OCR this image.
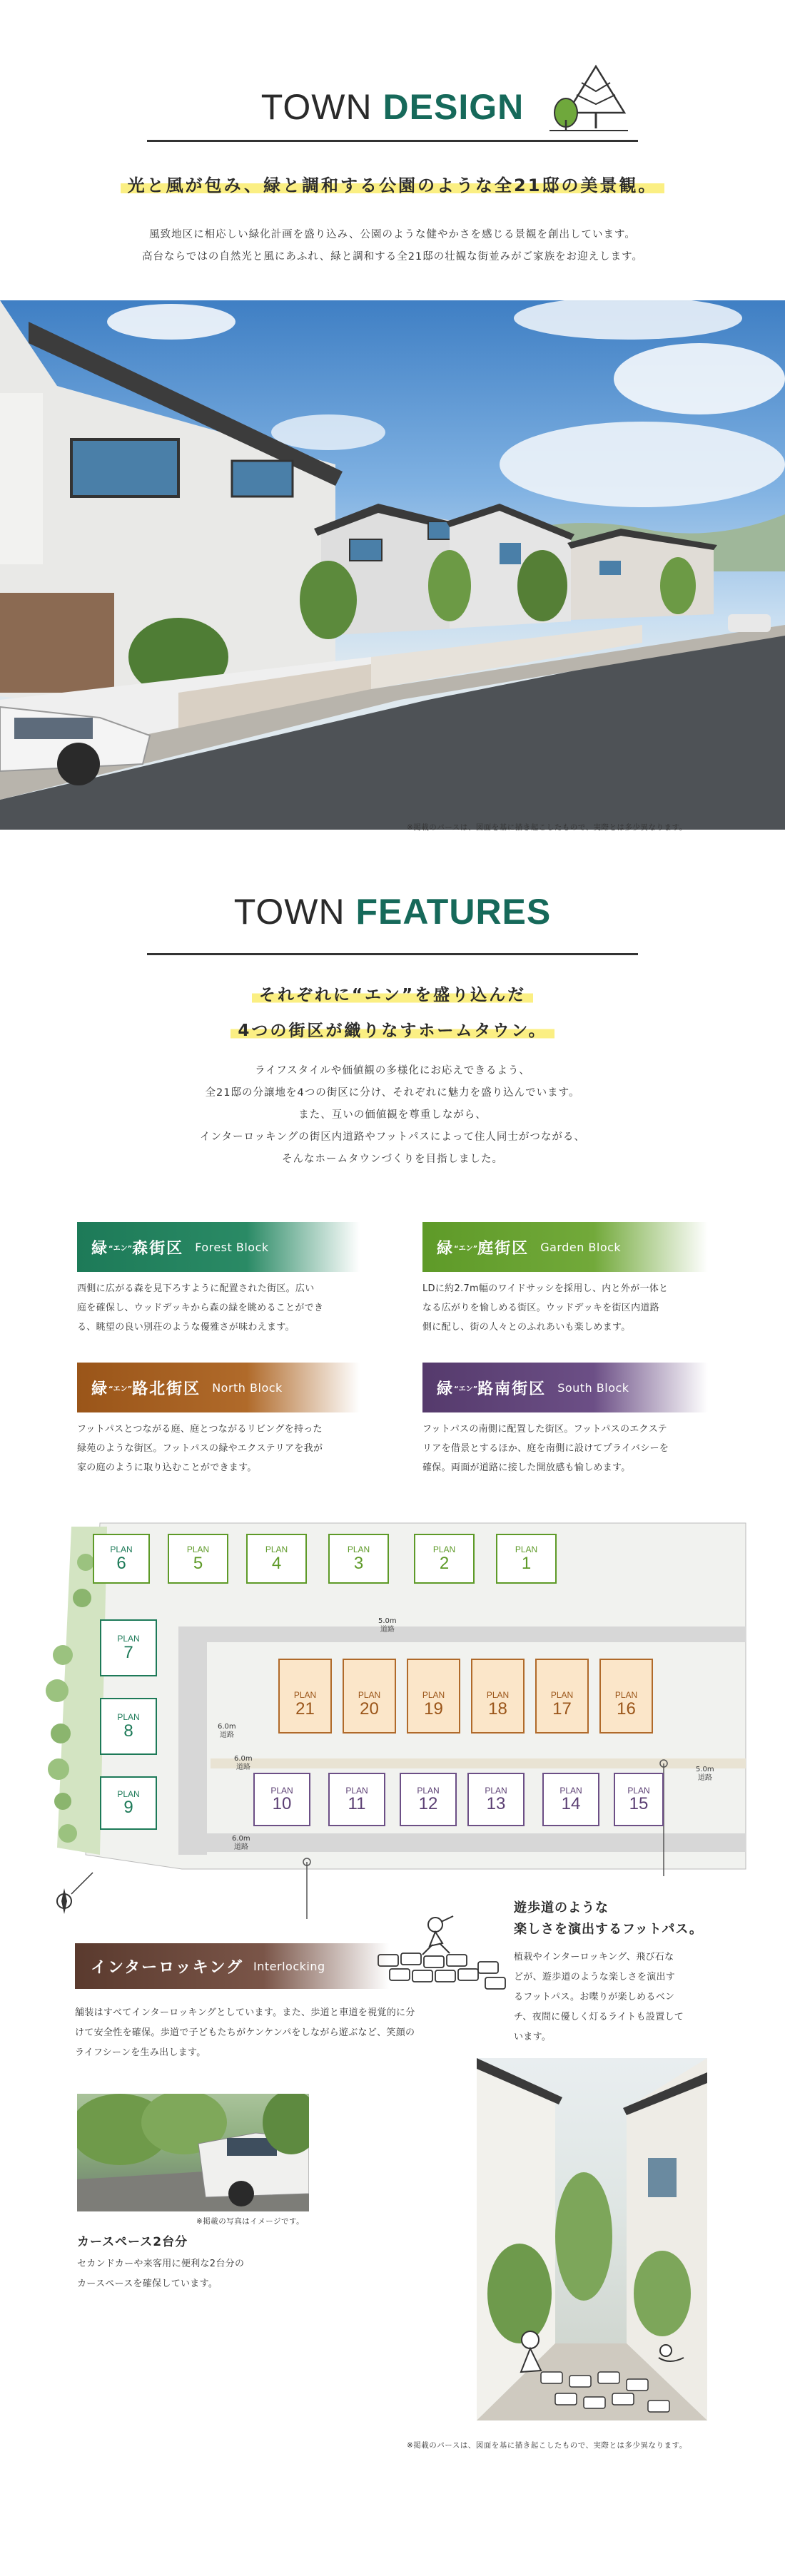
TOWN DESIGN
光と風が包み、緑と調和する公園のような全21邸の美景観。
風致地区に相応しい緑化計画を盛り込み、公園のような健やかさを感じる景観を創出しています。
高台ならではの自然光と風にあふれ、緑と調和する全21邸の壮観な街並みがご家族をお迎えします。
※掲載のパースは、図面を基に描き起こしたもので、実際とは多少異なります。
TOWN FEATURES
それぞれに“エン”を盛り込んだ
4つの街区が織りなすホームタウン。
ライフスタイルや価値観の多様化にお応えできるよう、
全21邸の分譲地を4つの街区に分け、それぞれに魅力を盛り込んでいます。
また、互いの価値観を尊重しながら、
インターロッキングの街区内道路やフットパスによって住人同士がつながる、
そんなホームタウンづくりを目指しました。
緑 “エン” 森街区 Forest Block
西側に広がる森を見下ろすように配置された街区。広い
庭を確保し、ウッドデッキから森の緑を眺めることができ
る、眺望の良い別荘のような優雅さが味わえます。
緑 “エン” 庭街区 Garden Block
LDに約2.7m幅のワイドサッシを採用し、内と外が一体と
なる広がりを愉しめる街区。ウッドデッキを街区内道路
側に配し、街の人々とのふれあいも楽しめます。
緑 “エン” 路北街区 North Block
フットパスとつながる庭、庭とつながるリビングを持った
緑苑のような街区。フットパスの緑やエクステリアを我が
家の庭のように取り込むことができます。
緑 “エン” 路南街区 South Block
フットパスの南側に配置した街区。フットパスのエクステ
リアを借景とするほか、庭を南側に設けてプライバシーを
確保。両面が道路に接した開放感も愉しめます。
PLAN
6
PLAN
5
PLAN
4
PLAN
3
PLAN
2
PLAN
1
PLAN
7
PLAN
8
PLAN
9
PLAN
21
PLAN
20
PLAN
19
PLAN
18
PLAN
17
PLAN
16
PLAN
10
PLAN
11
PLAN
12
PLAN
13
PLAN
14
PLAN
15
5.0m
道路
6.0m
道路
6.0m
道路
6.0m
道路
5.0m
道路
遊歩道のような
楽しさを演出するフットパス。
植栽やインターロッキング、飛び石な
どが、遊歩道のような楽しさを演出す
るフットパス。お喋りが楽しめるベン
チ、夜間に優しく灯るライトも設置して
います。
インターロッキング Interlocking
舗装はすべてインターロッキングとしています。また、歩道と車道を視覚的に分
けて安全性を確保。歩道で子どもたちがケンケンパをしながら遊ぶなど、笑顔の
ライフシーンを生み出します。
※掲載の写真はイメージです。
カースペース2台分
セカンドカーや来客用に便利な2台分の
カースペースを確保しています。
※掲載のパースは、図面を基に描き起こしたもので、実際とは多少異なります。
